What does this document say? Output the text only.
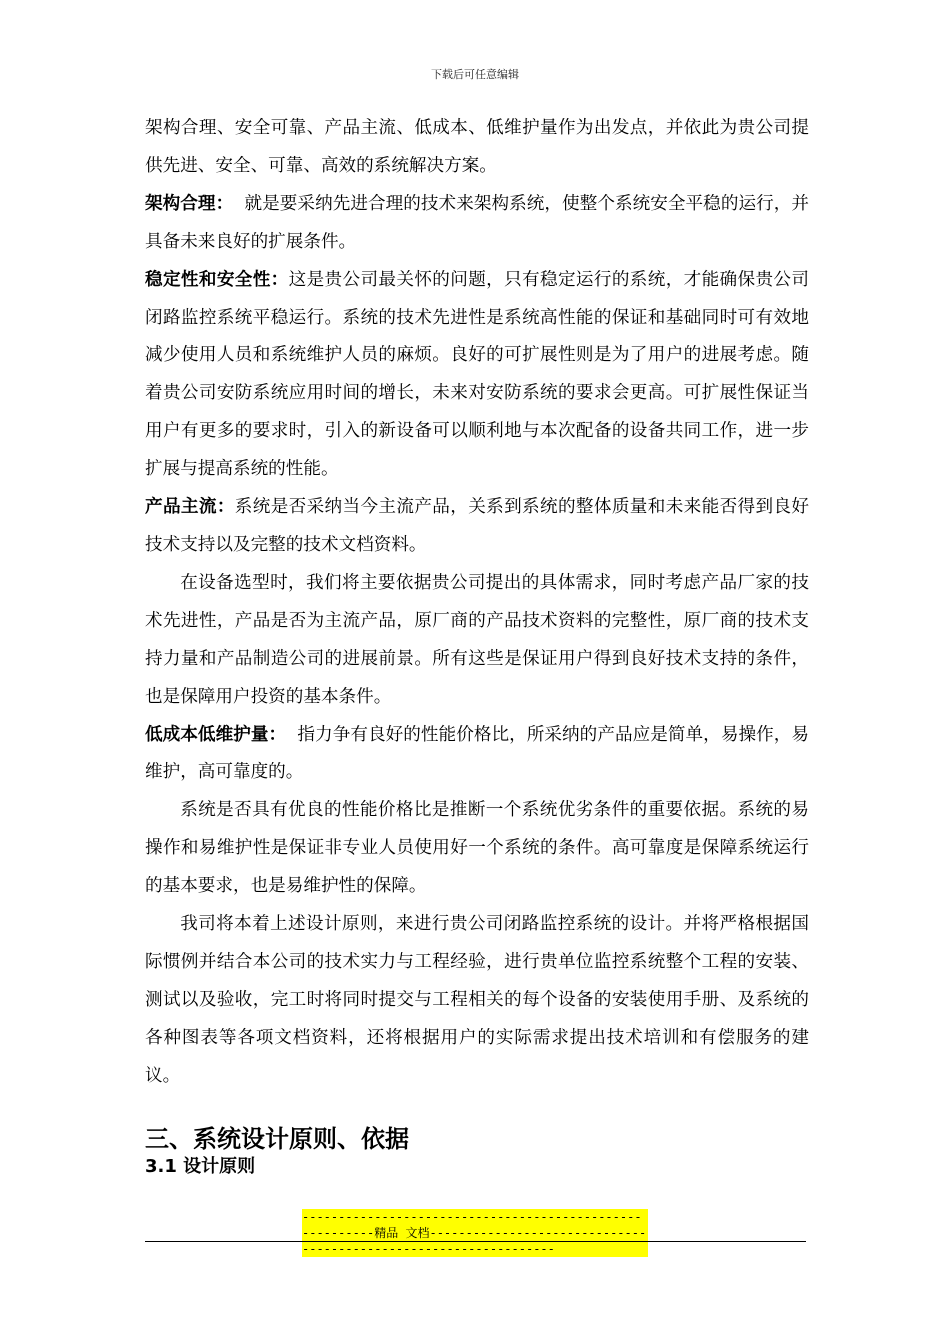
下载后可任意编辑

架构合理、安全可靠、产品主流、低成本、低维护量作为出发点，并依此为贵公司提供先进、安全、可靠、高效的系统解决方案。

架构合理：  就是要采纳先进合理的技术来架构系统，使整个系统安全平稳的运行，并具备未来良好的扩展条件。

稳定性和安全性：这是贵公司最关怀的问题，只有稳定运行的系统，才能确保贵公司闭路监控系统平稳运行。系统的技术先进性是系统高性能的保证和基础同时可有效地减少使用人员和系统维护人员的麻烦。良好的可扩展性则是为了用户的进展考虑。随着贵公司安防系统应用时间的增长，未来对安防系统的要求会更高。可扩展性保证当用户有更多的要求时，引入的新设备可以顺利地与本次配备的设备共同工作，进一步扩展与提高系统的性能。

产品主流：系统是否采纳当今主流产品，关系到系统的整体质量和未来能否得到良好技术支持以及完整的技术文档资料。

在设备选型时，我们将主要依据贵公司提出的具体需求，同时考虑产品厂家的技术先进性，产品是否为主流产品，原厂商的产品技术资料的完整性，原厂商的技术支持力量和产品制造公司的进展前景。所有这些是保证用户得到良好技术支持的条件，也是保障用户投资的基本条件。

低成本低维护量：  指力争有良好的性能价格比，所采纳的产品应是简单，易操作，易维护，高可靠度的。

系统是否具有优良的性能价格比是推断一个系统优劣条件的重要依据。系统的易操作和易维护性是保证非专业人员使用好一个系统的条件。高可靠度是保障系统运行的基本要求，也是易维护性的保障。

我司将本着上述设计原则，来进行贵公司闭路监控系统的设计。并将严格根据国际惯例并结合本公司的技术实力与工程经验，进行贵单位监控系统整个工程的安装、测试以及验收，完工时将同时提交与工程相关的每个设备的安装使用手册、及系统的各种图表等各项文档资料，还将根据用户的实际需求提出技术培训和有偿服务的建议。

三、系统设计原则、依据
3.1 设计原则
---------------------------------------------------------精品 文档-----------------------------------------------------------------
